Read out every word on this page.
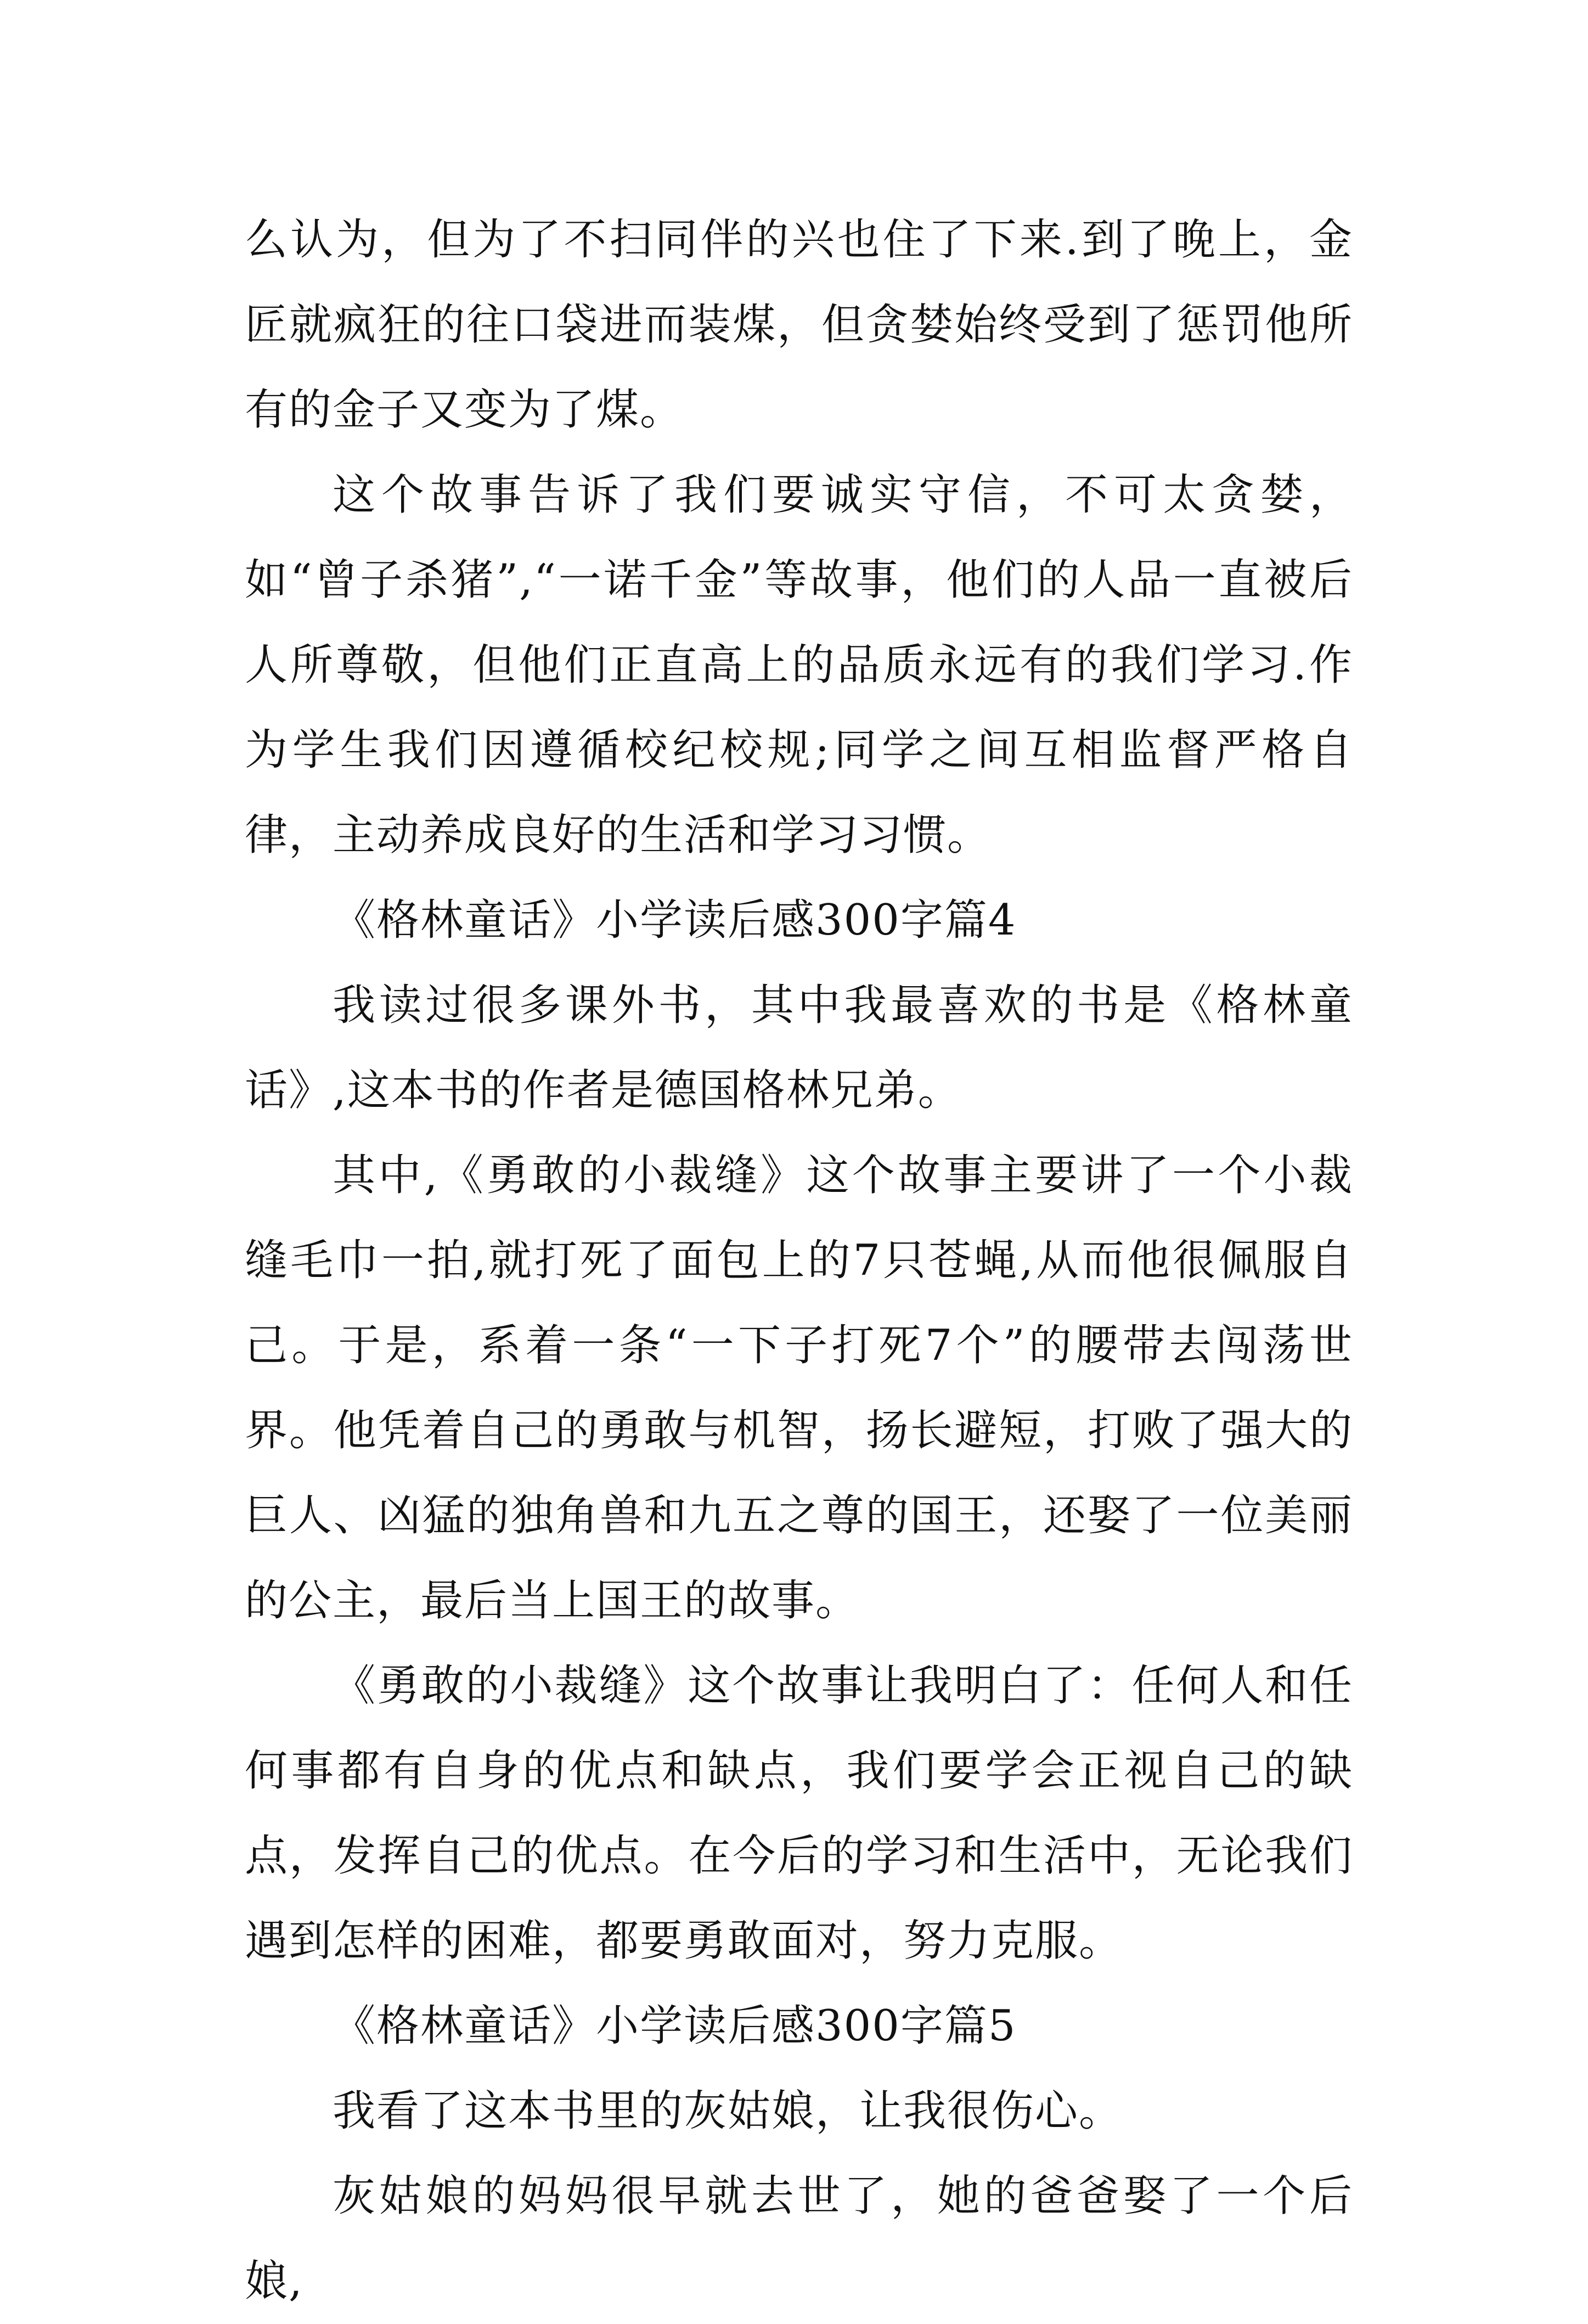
么认为，但为了不扫同伴的兴也住了下来.到了晚上，金匠就疯狂的往口袋进而装煤，但贪婪始终受到了惩罚他所有的金子又变为了煤。

这个故事告诉了我们要诚实守信，不可太贪婪，如“曾子杀猪”,“一诺千金”等故事，他们的人品一直被后人所尊敬，但他们正直高上的品质永远有的我们学习.作为学生我们因遵循校纪校规;同学之间互相监督严格自律，主动养成良好的生活和学习习惯。

《格林童话》小学读后感300字篇4

我读过很多课外书，其中我最喜欢的书是《格林童话》,这本书的作者是德国格林兄弟。

其中,《勇敢的小裁缝》这个故事主要讲了一个小裁缝毛巾一拍,就打死了面包上的7只苍蝇,从而他很佩服自己。于是，系着一条“一下子打死7个”的腰带去闯荡世界。他凭着自己的勇敢与机智，扬长避短，打败了强大的巨人、凶猛的独角兽和九五之尊的国王，还娶了一位美丽的公主，最后当上国王的故事。

《勇敢的小裁缝》这个故事让我明白了：任何人和任何事都有自身的优点和缺点，我们要学会正视自己的缺点，发挥自己的优点。在今后的学习和生活中，无论我们遇到怎样的困难，都要勇敢面对，努力克服。

《格林童话》小学读后感300字篇5

我看了这本书里的灰姑娘，让我很伤心。

灰姑娘的妈妈很早就去世了，她的爸爸娶了一个后娘,
